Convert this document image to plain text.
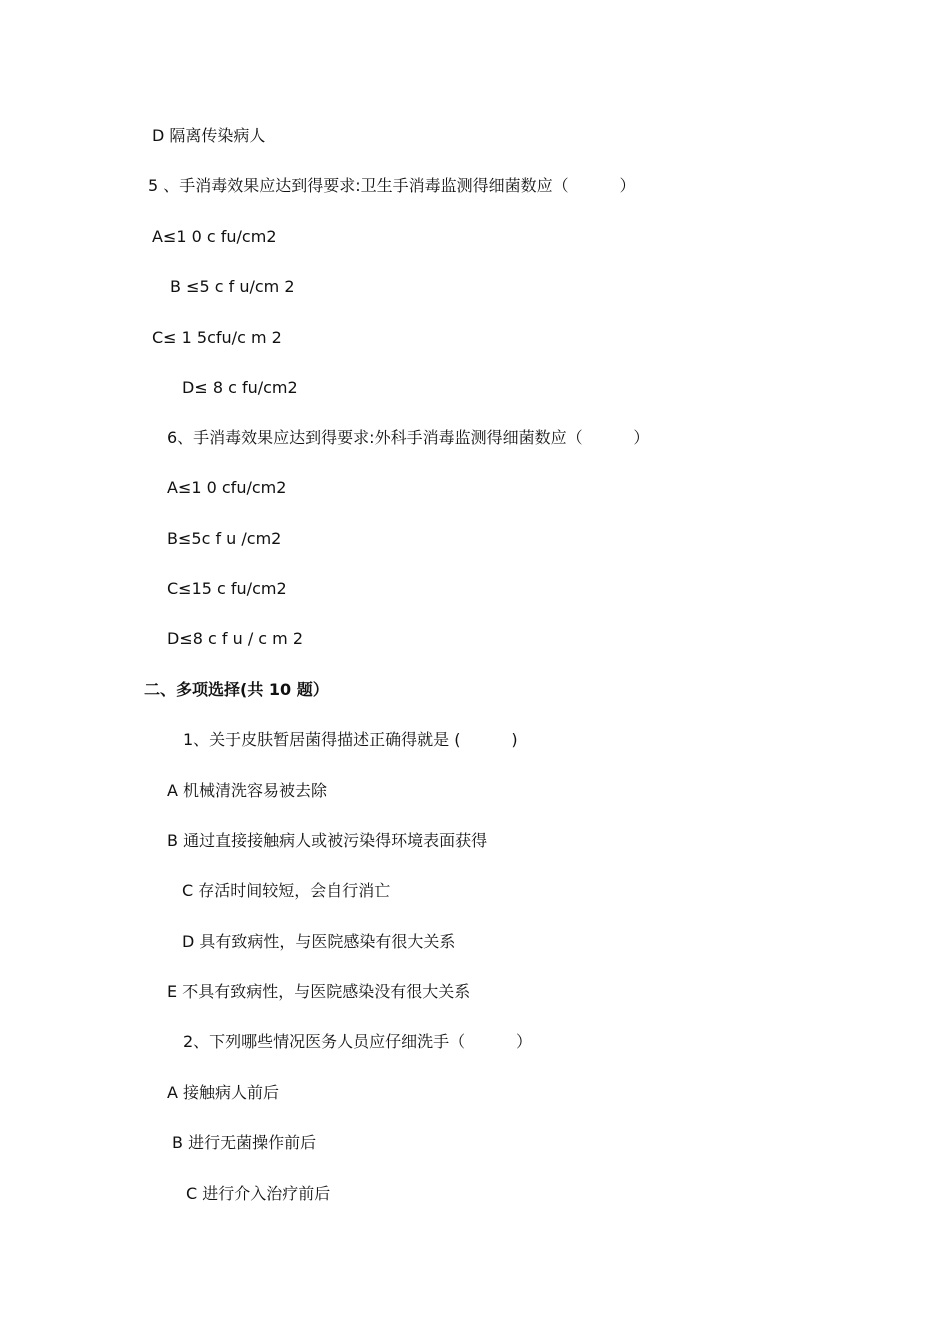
D 隔离传染病人
5 、手消毒效果应达到得要求:卫生手消毒监测得细菌数应（          ）
A≤1 0 c fu/cm2
B ≤5 c f u/cm 2
C≤ 1 5cfu/c m 2
D≤ 8 c fu/cm2
6、手消毒效果应达到得要求:外科手消毒监测得细菌数应（          ）
A≤1 0 cfu/cm2
B≤5c f u /cm2
C≤15 c fu/cm2
D≤8 c f u / c m 2
二、多项选择(共 10 题）
1、关于皮肤暂居菌得描述正确得就是 (          )
A 机械清洗容易被去除
B 通过直接接触病人或被污染得环境表面获得
C 存活时间较短，会自行消亡
D 具有致病性，与医院感染有很大关系
E 不具有致病性，与医院感染没有很大关系
2、下列哪些情况医务人员应仔细洗手（          ）
A 接触病人前后
B 进行无菌操作前后
C 进行介入治疗前后
